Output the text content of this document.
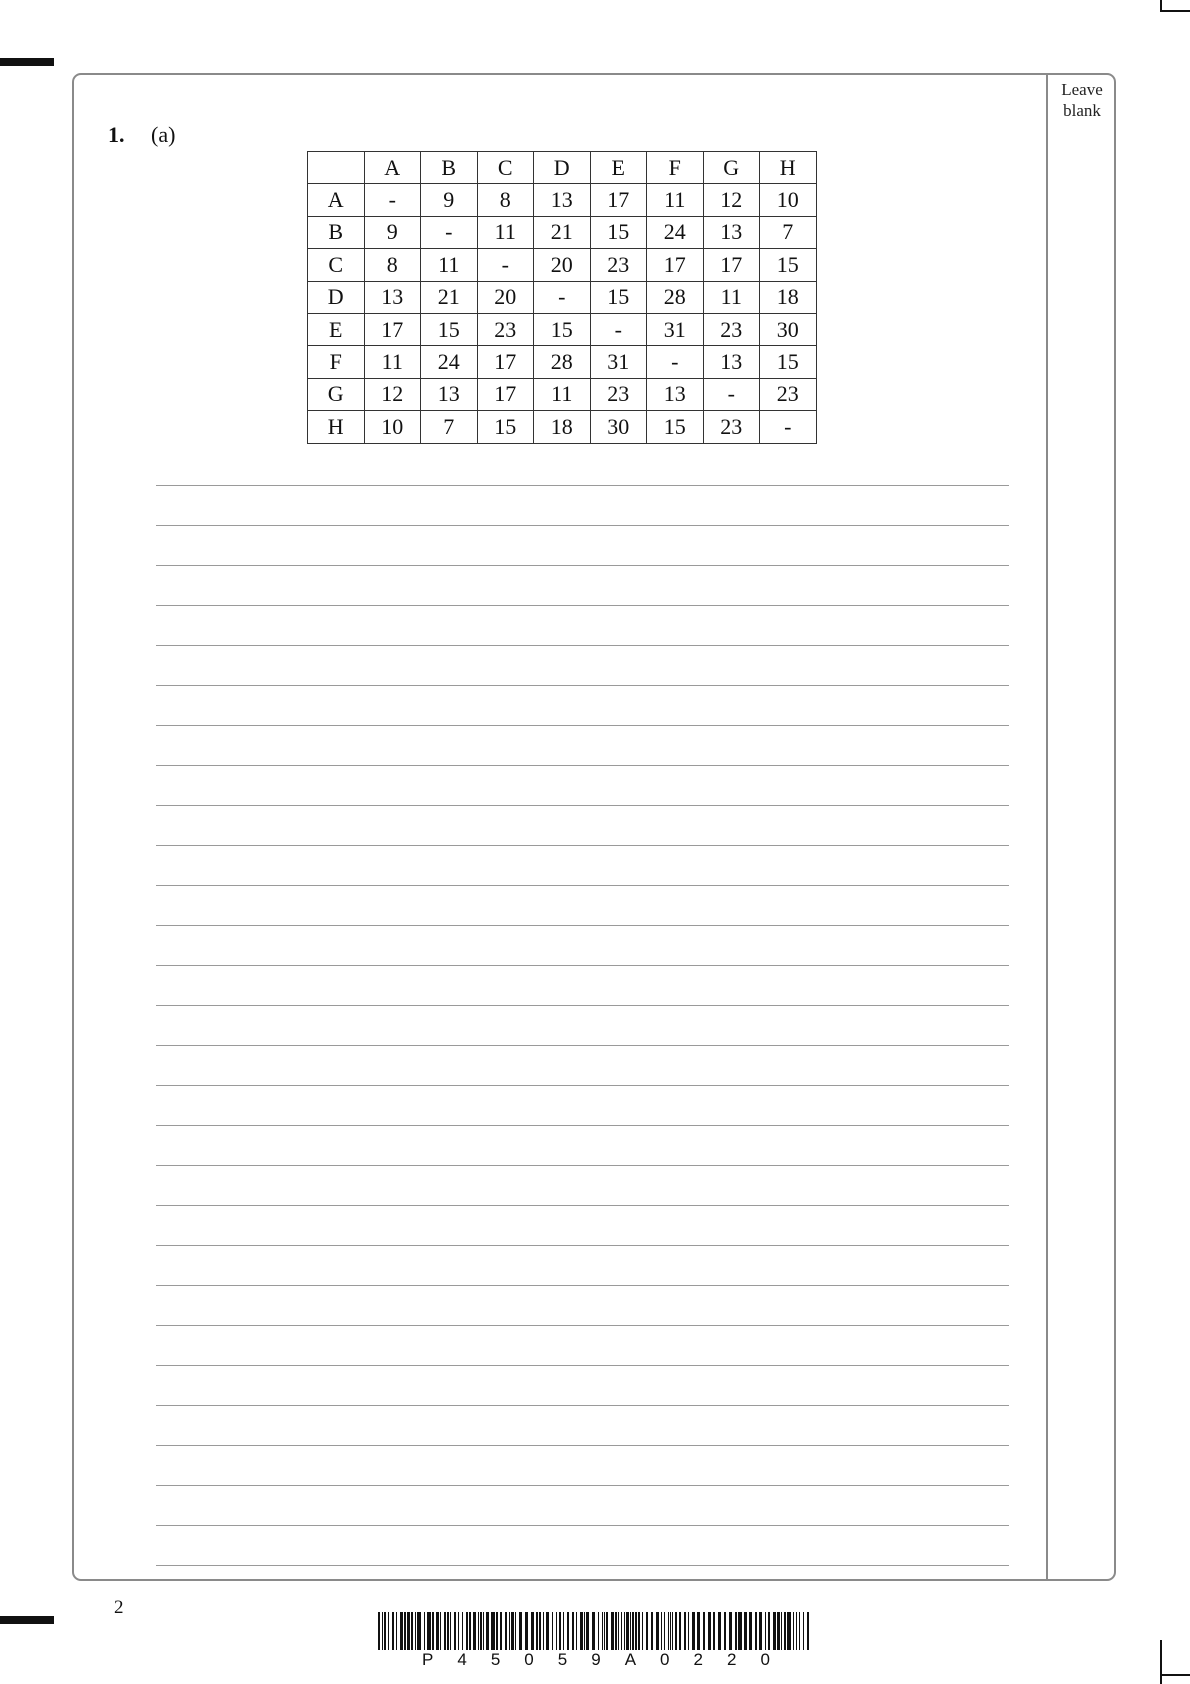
Leave
blank
1. (a)
	A	B	C	D	E	F	G	H
A	-	9	8	13	17	11	12	10
B	9	-	11	21	15	24	13	7
C	8	11	-	20	23	17	17	15
D	13	21	20	-	15	28	11	18
E	17	15	23	15	-	31	23	30
F	11	24	17	28	31	-	13	15
G	12	13	17	11	23	13	-	23
H	10	7	15	18	30	15	23	-
2
P 4 5 0 5 9 A 0 2 2 0
